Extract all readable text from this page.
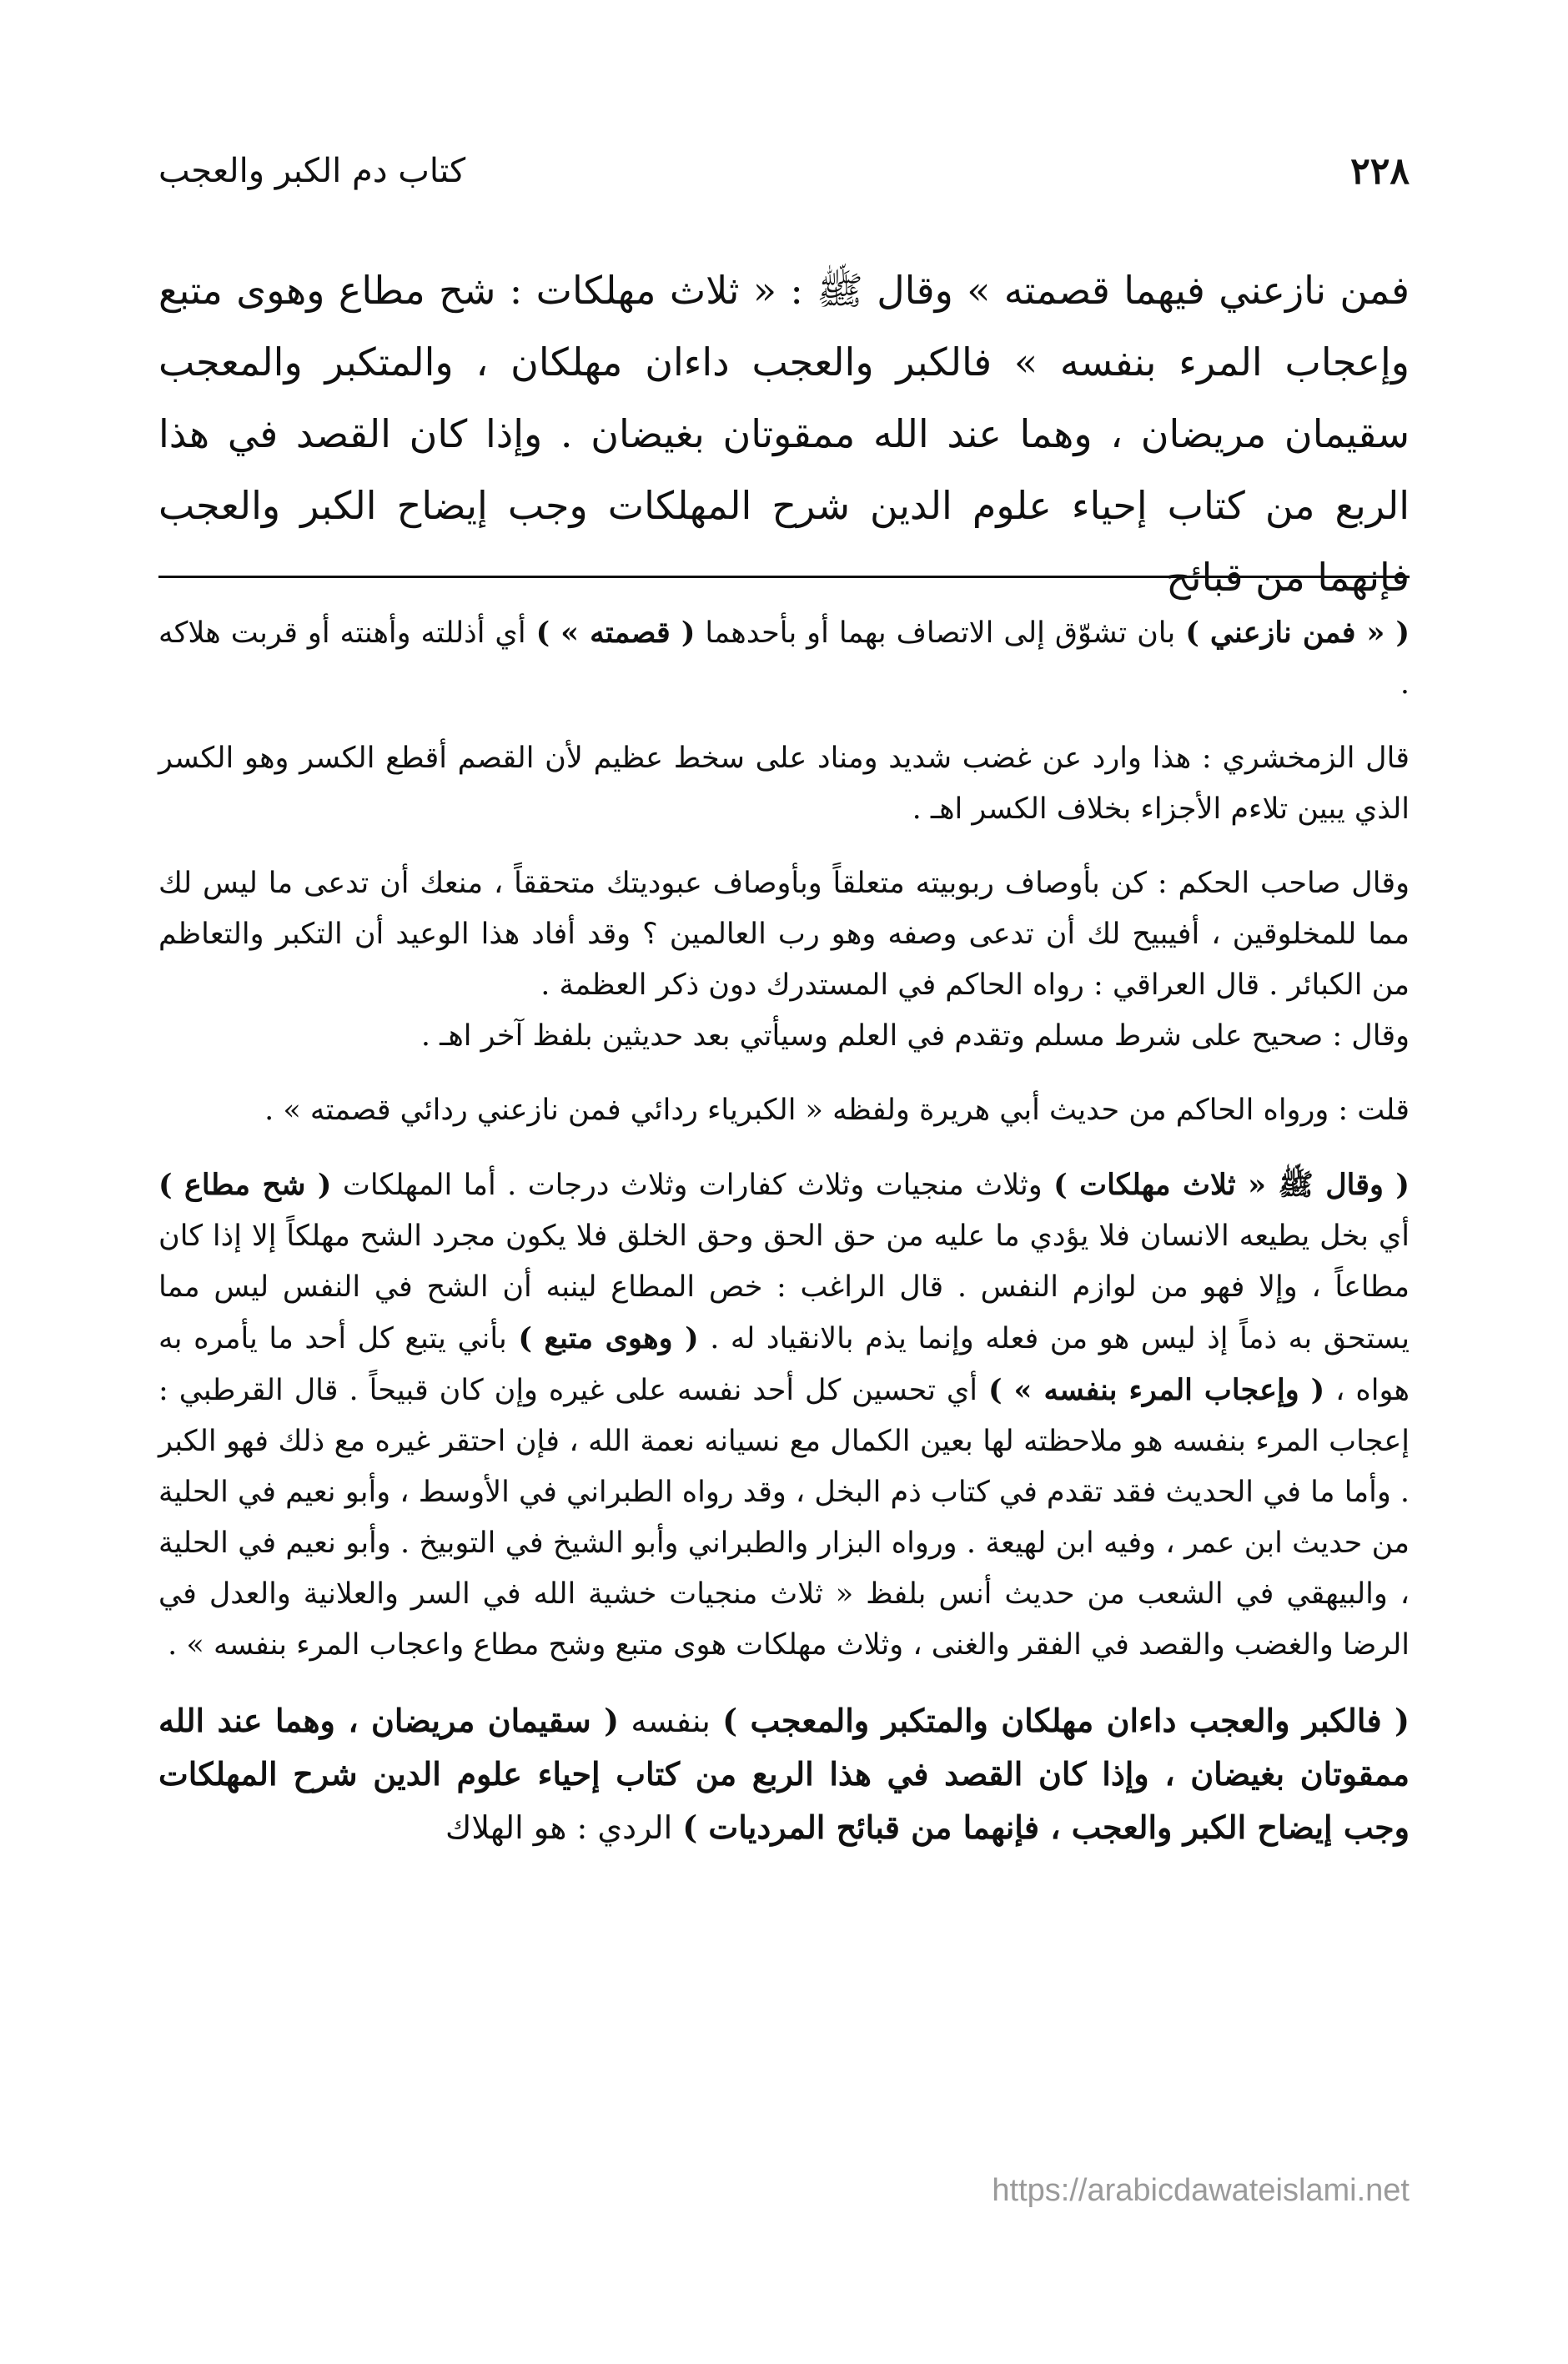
٢٢٨
كتاب دم الكبر والعجب

فمن نازعني فيهما قصمته » وقال ﷺ : « ثلاث مهلكات : شح مطاع وهوى متبع وإعجاب المرء بنفسه » فالكبر والعجب داءان مهلكان ، والمتكبر والمعجب سقيمان مريضان ، وهما عند الله ممقوتان بغيضان . وإذا كان القصد في هذا الربع من كتاب إحياء علوم الدين شرح المهلكات وجب إيضاح الكبر والعجب فإنهما من قبائح

( « فمن نازعني ) بان تشوّق إلى الاتصاف بهما أو بأحدهما ( قصمته » ) أي أذللته وأهنته أو قربت هلاكه .

قال الزمخشري : هذا وارد عن غضب شديد ومناد على سخط عظيم لأن القصم أقطع الكسر وهو الكسر الذي يبين تلاءم الأجزاء بخلاف الكسر اهـ .

وقال صاحب الحكم : كن بأوصاف ربوبيته متعلقاً وبأوصاف عبوديتك متحققاً ، منعك أن تدعى ما ليس لك مما للمخلوقين ، أفيبيح لك أن تدعى وصفه وهو رب العالمين ؟ وقد أفاد هذا الوعيد أن التكبر والتعاظم من الكبائر . قال العراقي : رواه الحاكم في المستدرك دون ذكر العظمة .

وقال : صحيح على شرط مسلم وتقدم في العلم وسيأتي بعد حديثين بلفظ آخر اهـ .

قلت : ورواه الحاكم من حديث أبي هريرة ولفظه « الكبرياء ردائي فمن نازعني ردائي قصمته » .

( وقال ﷺ « ثلاث مهلكات ) وثلاث منجيات وثلاث كفارات وثلاث درجات . أما المهلكات ( شح مطاع ) أي بخل يطيعه الانسان فلا يؤدي ما عليه من حق الحق وحق الخلق فلا يكون مجرد الشح مهلكاً إلا إذا كان مطاعاً ، وإلا فهو من لوازم النفس . قال الراغب : خص المطاع لينبه أن الشح في النفس ليس مما يستحق به ذماً إذ ليس هو من فعله وإنما يذم بالانقياد له . ( وهوى متبع ) بأني يتبع كل أحد ما يأمره به هواه ، ( وإعجاب المرء بنفسه » ) أي تحسين كل أحد نفسه على غيره وإن كان قبيحاً . قال القرطبي : إعجاب المرء بنفسه هو ملاحظته لها بعين الكمال مع نسيانه نعمة الله ، فإن احتقر غيره مع ذلك فهو الكبر . وأما ما في الحديث فقد تقدم في كتاب ذم البخل ، وقد رواه الطبراني في الأوسط ، وأبو نعيم في الحلية من حديث ابن عمر ، وفيه ابن لهيعة . ورواه البزار والطبراني وأبو الشيخ في التوبيخ . وأبو نعيم في الحلية ، والبيهقي في الشعب من حديث أنس بلفظ « ثلاث منجيات خشية الله في السر والعلانية والعدل في الرضا والغضب والقصد في الفقر والغنى ، وثلاث مهلكات هوى متبع وشح مطاع واعجاب المرء بنفسه » .

( فالكبر والعجب داءان مهلكان والمتكبر والمعجب ) بنفسه ( سقيمان مريضان ، وهما عند الله ممقوتان بغيضان ، وإذا كان القصد في هذا الربع من كتاب إحياء علوم الدين شرح المهلكات وجب إيضاح الكبر والعجب ، فإنهما من قبائح المرديات ) الردي : هو الهلاك

https://arabicdawateislami.net
